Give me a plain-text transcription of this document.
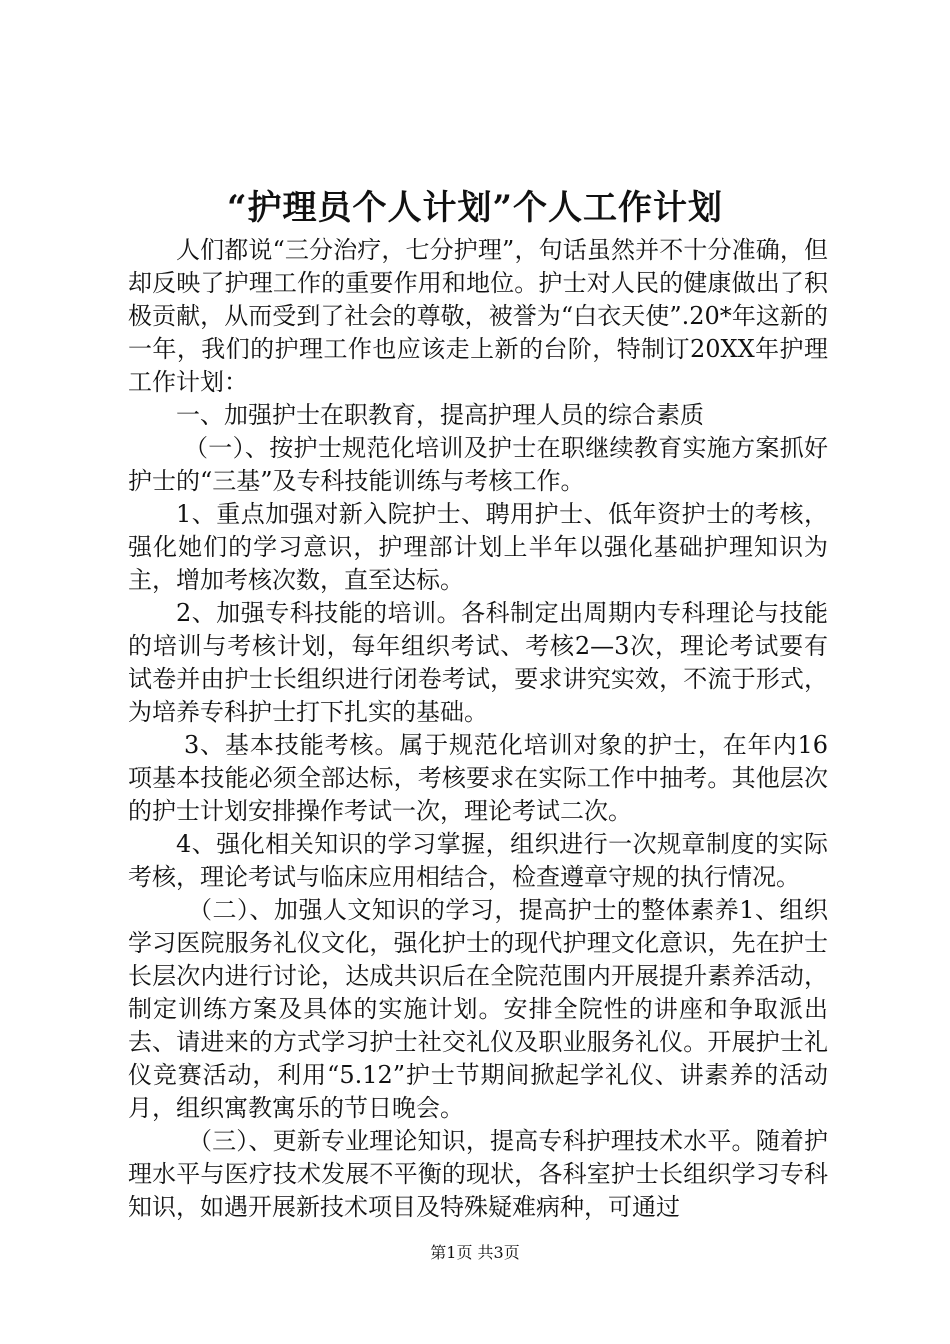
“护理员个人计划”个人工作计划

人们都说“三分治疗，七分护理”，句话虽然并不十分准确，但却反映了护理工作的重要作用和地位。护士对人民的健康做出了积极贡献，从而受到了社会的尊敬，被誉为“白衣天使”.20*年这新的一年，我们的护理工作也应该走上新的台阶，特制订20XX年护理工作计划：

一、加强护士在职教育，提高护理人员的综合素质

（一）、按护士规范化培训及护士在职继续教育实施方案抓好护士的“三基”及专科技能训练与考核工作。

1、重点加强对新入院护士、聘用护士、低年资护士的考核，强化她们的学习意识，护理部计划上半年以强化基础护理知识为主，增加考核次数，直至达标。

2、加强专科技能的培训。各科制定出周期内专科理论与技能的培训与考核计划，每年组织考试、考核2—3次，理论考试要有试卷并由护士长组织进行闭卷考试，要求讲究实效，不流于形式，为培养专科护士打下扎实的基础。

3、基本技能考核。属于规范化培训对象的护士，在年内16项基本技能必须全部达标，考核要求在实际工作中抽考。其他层次的护士计划安排操作考试一次，理论考试二次。

4、强化相关知识的学习掌握，组织进行一次规章制度的实际考核，理论考试与临床应用相结合，检查遵章守规的执行情况。

（二）、加强人文知识的学习，提高护士的整体素养1、组织学习医院服务礼仪文化，强化护士的现代护理文化意识，先在护士长层次内进行讨论，达成共识后在全院范围内开展提升素养活动，制定训练方案及具体的实施计划。安排全院性的讲座和争取派出去、请进来的方式学习护士社交礼仪及职业服务礼仪。开展护士礼仪竞赛活动，利用“5.12”护士节期间掀起学礼仪、讲素养的活动月，组织寓教寓乐的节日晚会。

（三）、更新专业理论知识，提高专科护理技术水平。随着护理水平与医疗技术发展不平衡的现状，各科室护士长组织学习专科知识，如遇开展新技术项目及特殊疑难病种，可通过

第1页 共3页
